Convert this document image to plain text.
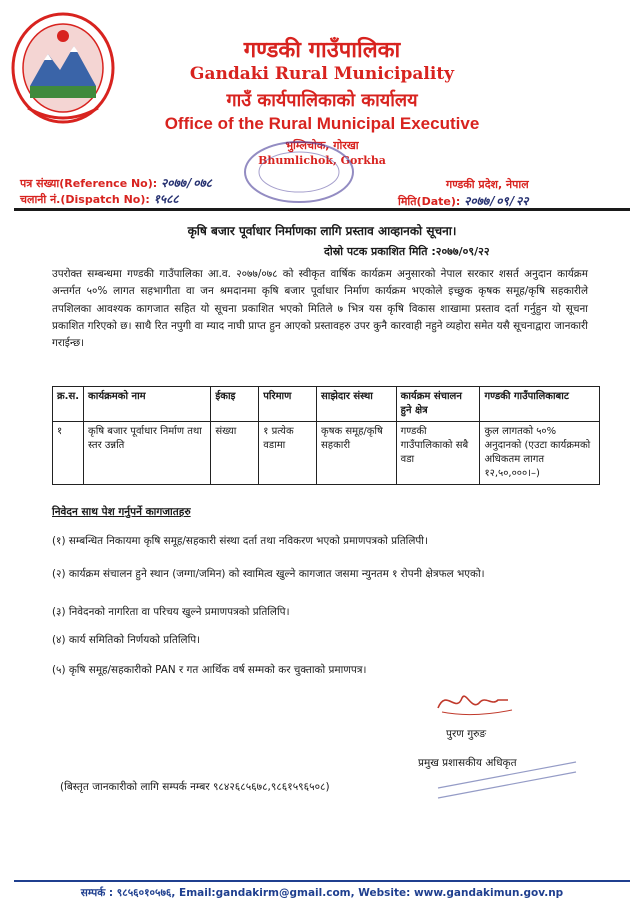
गण्डकी गाउँपालिका
Gandaki Rural Municipality
गाउँ कार्यपालिकाको कार्यालय
Office of the Rural Municipal Executive
भुम्लिचोक, गोरखा
Bhumlichok, Gorkha
पत्र संख्या(Reference No): २०७७/०७८
चलानी नं.(Dispatch No): १५८८
गण्डकी प्रदेश, नेपाल
मिति(Date): २०७७/०९/२२
कृषि बजार पूर्वाधार निर्माणका लागि प्रस्ताव आव्हानको सूचना।
दोस्रो पटक प्रकाशित मिति :२०७७/०९/२२
उपरोक्त सम्बन्धमा गण्डकी गाउँपालिका आ.व. २०७७/०७८ को स्वीकृत वार्षिक कार्यक्रम अनुसारको नेपाल सरकार शसर्त अनुदान कार्यक्रम अन्तर्गत ५०% लागत सहभागीता वा जन श्रमदानमा कृषि बजार पूर्वाधार निर्माण कार्यक्रम भएकोले इच्छुक कृषक समूह/कृषि सहकारीले तपशिलका आवश्यक कागजात सहित यो सूचना प्रकाशित भएको मितिले ७ भित्र यस कृषि विकास शाखामा प्रस्ताव दर्ता गर्नुहुन यो सूचना प्रकाशित गरिएको छ। साथै रित नपुगी वा म्याद नाघी प्राप्त हुन आएको प्रस्तावहरु उपर कुनै कारवाही नहुने व्यहोरा समेत यसै सूचनाद्वारा जानकारी गराईन्छ।
क्र.स.	कार्यक्रमको नाम	ईकाइ	परिमाण	साझेदार संस्था	कार्यक्रम संचालन हुने क्षेत्र	गण्डकी गाउँपालिकाबाट
१	कृषि बजार पूर्वाधार निर्माण तथा स्तर उन्नति	संख्या	१ प्रत्येक वडामा	कृषक समूह/कृषि सहकारी	गण्डकी गाउँपालिकाको सबै वडा	कुल लागतको ५०% अनुदानको (एउटा कार्यक्रमको अधिकतम लागत १२,५०,०००।–)
निवेदन साथ पेश गर्नुपर्ने कागजातहरु
(१) सम्बन्धित निकायमा कृषि समूह/सहकारी संस्था दर्ता तथा नविकरण भएको प्रमाणपत्रको प्रतिलिपी।
(२) कार्यक्रम संचालन हुने स्थान (जग्गा/जमिन) को स्वामित्व खुल्ने कागजात जसमा न्युनतम १ रोपनी क्षेत्रफल भएको।
(३) निवेदनको नागरिता वा परिचय खुल्ने प्रमाणपत्रको प्रतिलिपि।
(४) कार्य समितिको निर्णयको प्रतिलिपि।
(५) कृषि समूह/सहकारीको PAN र गत आर्थिक वर्ष सम्मको कर चुक्ताको प्रमाणपत्र।
पुरण गुरुङ
प्रमुख प्रशासकीय अधिकृत
(बिस्तृत जानकारीको लागि सम्पर्क नम्बर ९८४२६८५६७८,९८६१५९६५०८)
सम्पर्क : ९८५६०१०५७६, Email:gandakirm@gmail.com, Website: www.gandakimun.gov.np
